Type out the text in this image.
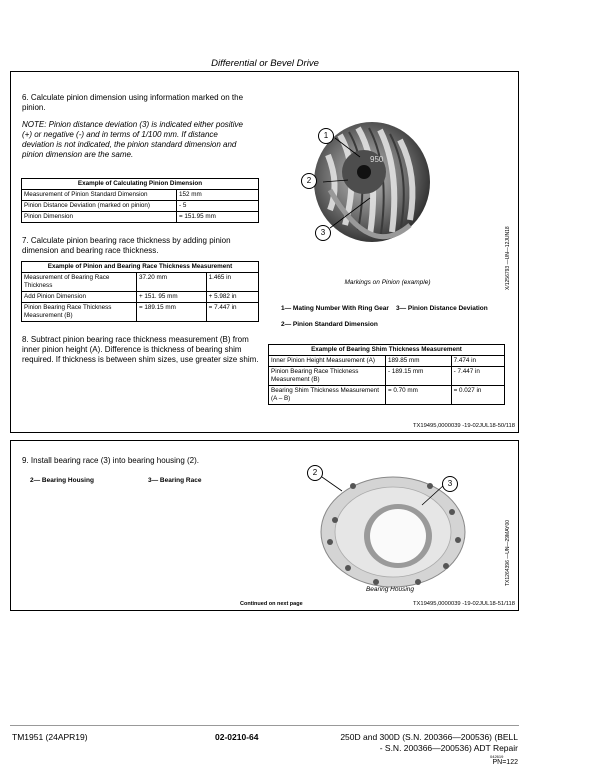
Differential or Bevel Drive
6. Calculate pinion dimension using information marked on the pinion.
NOTE: Pinion distance deviation (3) is indicated either positive (+) or negative (-) and in terms of 1/100 mm. If distance deviation is not indicated, the pinion standard dimension and pinion dimension are the same.
Example of Calculating Pinion Dimension	
Measurement of Pinion Standard Dimension	152 mm
Pinion Distance Deviation (marked on pinion)	- 5
Pinion Dimension	= 151.95 mm
7. Calculate pinion bearing race thickness by adding pinion dimension and bearing race thickness.
Example of Pinion and Bearing Race Thickness Measurement		
Measurement of Bearing Race Thickness	37.20 mm	1.465 in
Add Pinion Dimension	+ 151. 95 mm	+ 5.982 in
Pinion Bearing Race Thickness Measurement (B)	= 189.15 mm	= 7.447 in
8. Subtract pinion bearing race thickness measurement (B) from inner pinion height (A). Difference is thickness of bearing shim required. If thickness is between shim sizes, use greater size shim.
950
1
2
3	X/1256793 —UN—12JUN18
Markings on Pinion (example)
1— Mating Number With Ring Gear
2— Pinion Standard Dimension
3— Pinion Distance Deviation
Example of Bearing Shim Thickness Measurement		
Inner Pinion Height Measurement (A)	189.85 mm	7.474 in
Pinion Bearing Race Thickness Measurement (B)	- 189.15 mm	- 7.447 in
Bearing Shim Thickness Measurement (A – B)	= 0.70 mm	= 0.027 in
TX19495,0000039 -19-02JUL18-50/118
9. Install bearing race (3) into bearing housing (2).
2— Bearing Housing	3— Bearing Race
2
3
TX1264396 —UN—29MAY00
Bearing Housing
Continued on next page	TX19495,0000039 -19-02JUL18-51/118
TM1951 (24APR19)	02-0210-64	250D and 300D (S.N. 200366—200536) (BELL
- S.N. 200366—200536) ADT Repair
042619
PN=122
